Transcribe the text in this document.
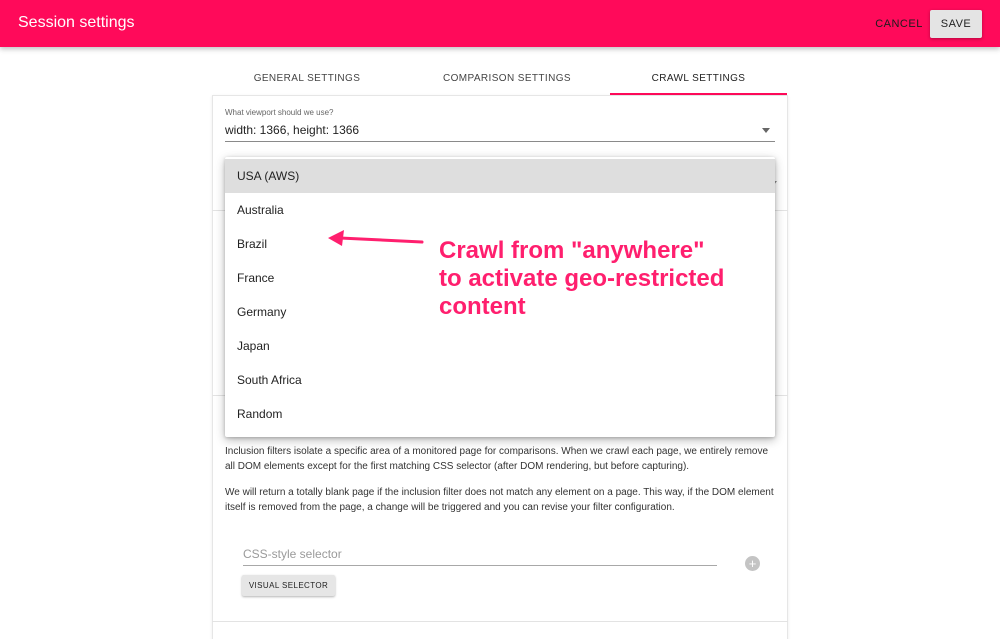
Session settings	CANCEL	SAVE
GENERAL SETTINGS	COMPARISON SETTINGS	CRAWL SETTINGS
What viewport should we use?
width: 1366, height: 1366

Inclusion filters isolate a specific area of a monitored page for comparisons. When we crawl each page, we entirely remove all DOM elements except for the first matching CSS selector (after DOM rendering, but before capturing).

We will return a totally blank page if the inclusion filter does not match any element on a page. This way, if the DOM element itself is removed from the page, a change will be triggered and you can revise your filter configuration.

CSS-style selector
+
VISUAL SELECTOR
USA (AWS)
Australia
Brazil
France
Germany
Japan
South Africa
Random
Crawl from "anywhere"
to activate geo-restricted
content
